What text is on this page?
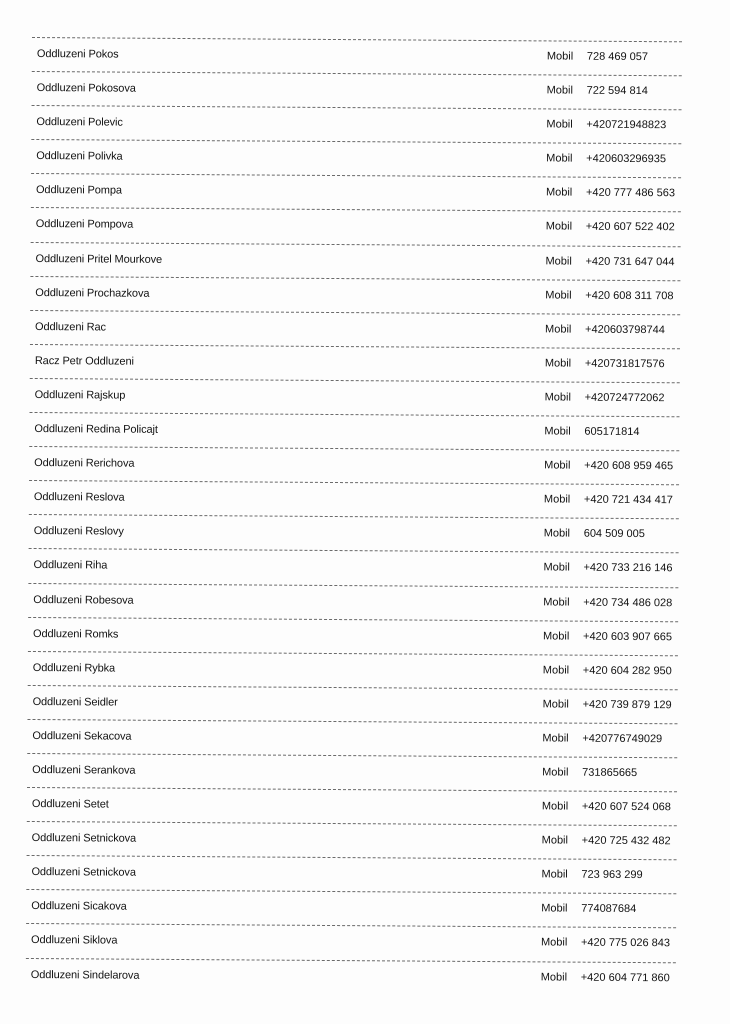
Oddluzeni Pokos	Mobil 728 469 057
Oddluzeni Pokosova	Mobil 722 594 814
Oddluzeni Polevic	Mobil +420721948823
Oddluzeni Polivka	Mobil +420603296935
Oddluzeni Pompa	Mobil +420 777 486 563
Oddluzeni Pompova	Mobil +420 607 522 402
Oddluzeni Pritel Mourkove	Mobil +420 731 647 044
Oddluzeni Prochazkova	Mobil +420 608 311 708
Oddluzeni Rac	Mobil +420603798744
Racz Petr Oddluzeni	Mobil +420731817576
Oddluzeni Rajskup	Mobil +420724772062
Oddluzeni Redina Policajt	Mobil 605171814
Oddluzeni Rerichova	Mobil +420 608 959 465
Oddluzeni Reslova	Mobil +420 721 434 417
Oddluzeni Reslovy	Mobil 604 509 005
Oddluzeni Riha	Mobil +420 733 216 146
Oddluzeni Robesova	Mobil +420 734 486 028
Oddluzeni Romks	Mobil +420 603 907 665
Oddluzeni Rybka	Mobil +420 604 282 950
Oddluzeni Seidler	Mobil +420 739 879 129
Oddluzeni Sekacova	Mobil +420776749029
Oddluzeni Serankova	Mobil 731865665
Oddluzeni Setet	Mobil +420 607 524 068
Oddluzeni Setnickova	Mobil +420 725 432 482
Oddluzeni Setnickova	Mobil 723 963 299
Oddluzeni Sicakova	Mobil 774087684
Oddluzeni Siklova	Mobil +420 775 026 843
Oddluzeni Sindelarova	Mobil +420 604 771 860
